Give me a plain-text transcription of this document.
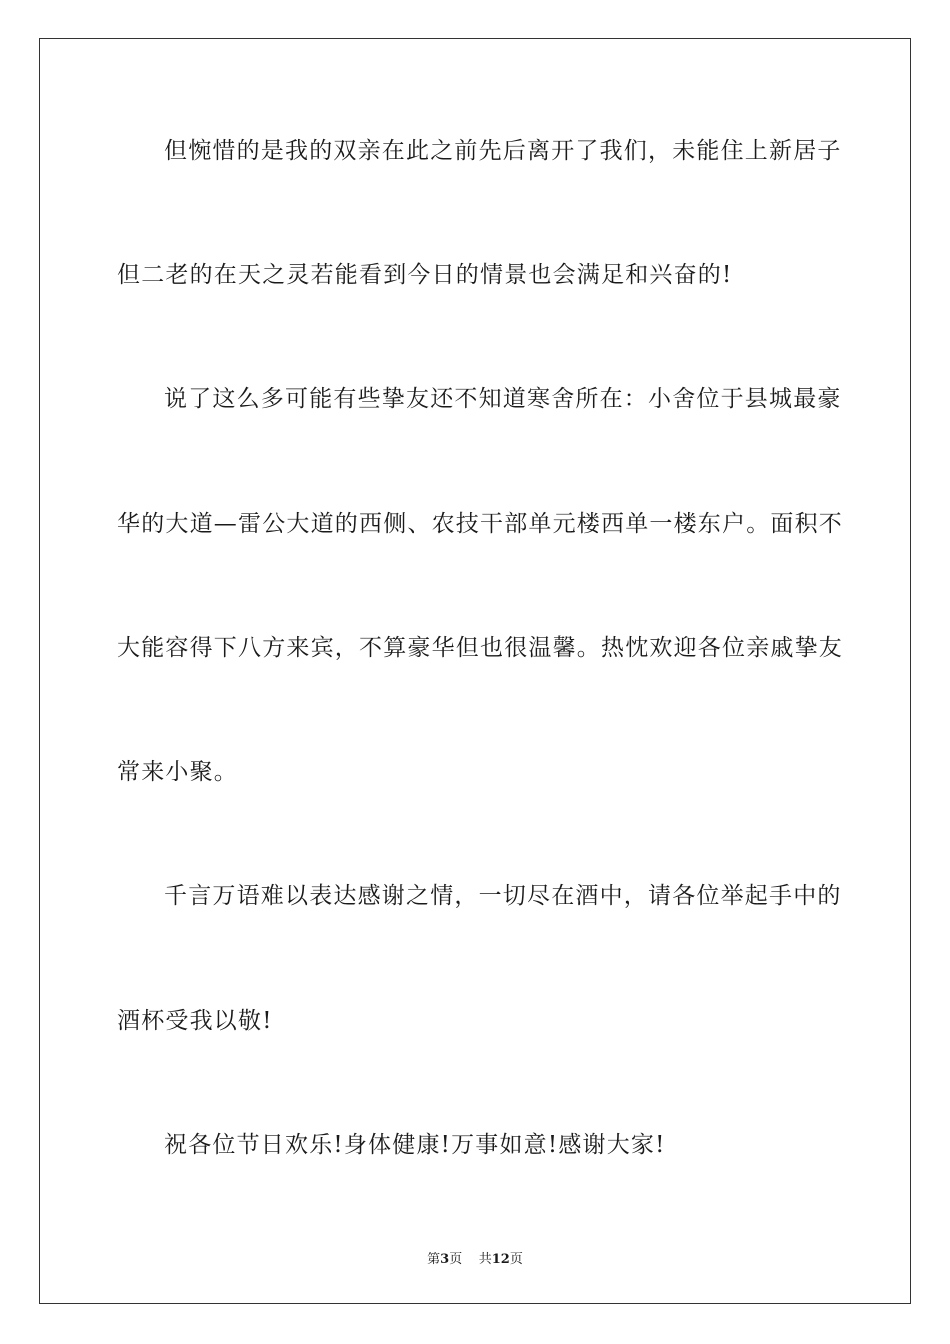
但惋惜的是我的双亲在此之前先后离开了我们，未能住上新居子
但二老的在天之灵若能看到今日的情景也会满足和兴奋的!
说了这么多可能有些挚友还不知道寒舍所在：小舍位于县城最豪
华的大道—雷公大道的西侧、农技干部单元楼西单一楼东户。面积不
大能容得下八方来宾，不算豪华但也很温馨。热忱欢迎各位亲戚挚友
常来小聚。
千言万语难以表达感谢之情，一切尽在酒中，请各位举起手中的
酒杯受我以敬!
祝各位节日欢乐!身体健康!万事如意!感谢大家!
第3页 共12页
